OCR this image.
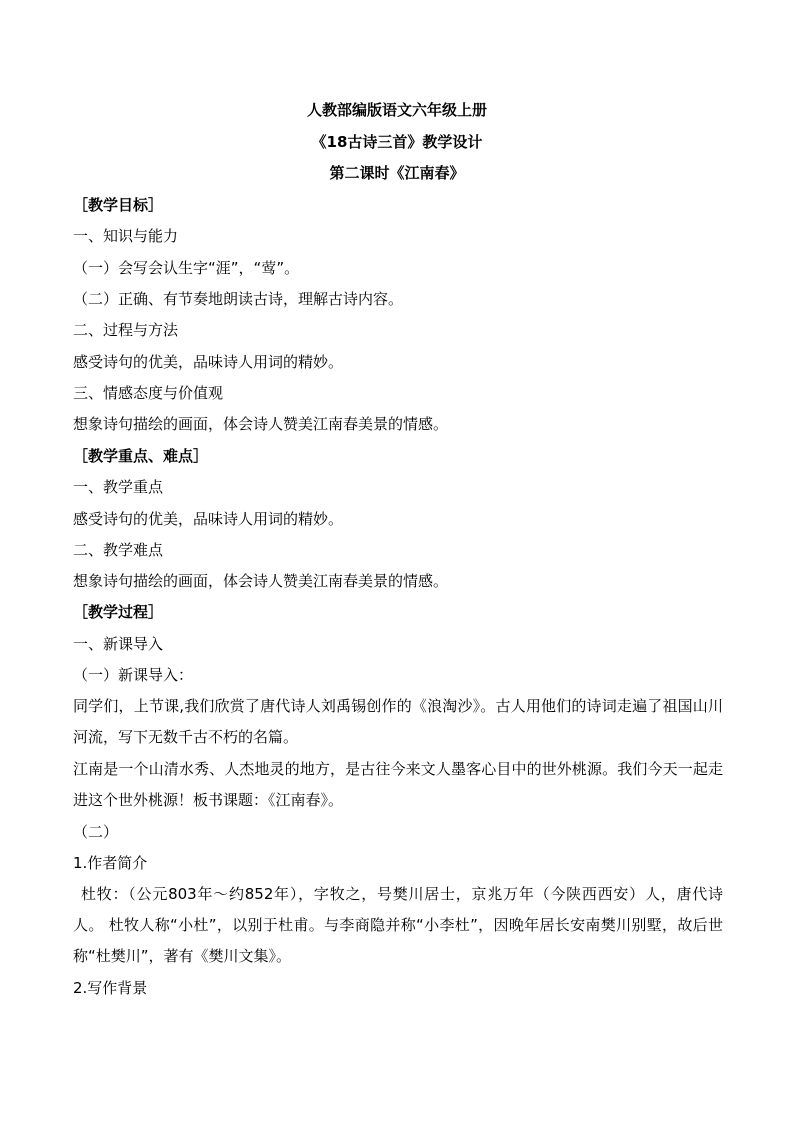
人教部编版语文六年级上册
《18古诗三首》教学设计
第二课时《江南春》
［教学目标］
一、知识与能力
（一）会写会认生字“涯”，“莺”。
（二）正确、有节奏地朗读古诗，理解古诗内容。
二、过程与方法
感受诗句的优美，品味诗人用词的精妙。
三、情感态度与价值观
想象诗句描绘的画面，体会诗人赞美江南春美景的情感。
［教学重点、难点］
一、教学重点
感受诗句的优美，品味诗人用词的精妙。
二、教学难点
想象诗句描绘的画面，体会诗人赞美江南春美景的情感。
［教学过程］
一、新课导入
（一）新课导入：
同学们，上节课,我们欣赏了唐代诗人刘禹锡创作的《浪淘沙》。古人用他们的诗词走遍了祖国山川河流，写下无数千古不朽的名篇。
江南是一个山清水秀、人杰地灵的地方，是古往今来文人墨客心目中的世外桃源。我们今天一起走进这个世外桃源！板书课题：《江南春》。
（二）
1.作者简介
杜牧：（公元803年～约852年），字牧之，号樊川居士，京兆万年（今陕西西安）人，唐代诗人。 杜牧人称“小杜”，以别于杜甫。与李商隐并称“小李杜”，因晚年居长安南樊川别墅，故后世称“杜樊川”，著有《樊川文集》。
2.写作背景
